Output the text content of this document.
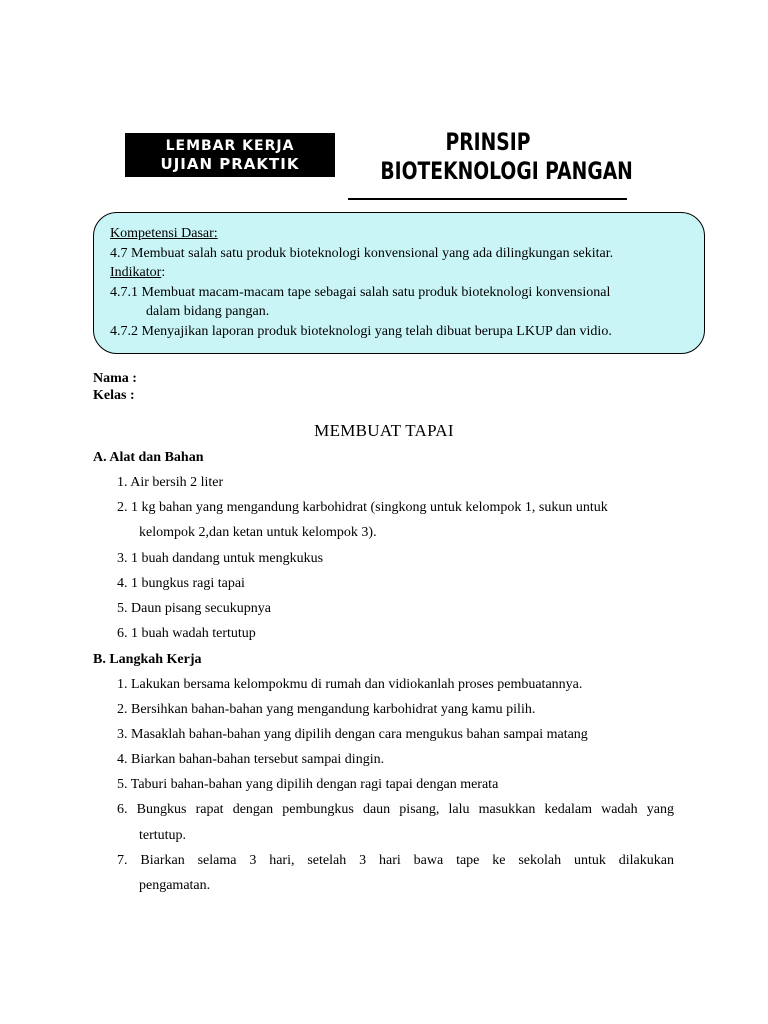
LEMBAR KERJA
UJIAN PRAKTIK
PRINSIP
BIOTEKNOLOGI PANGAN
Kompetensi Dasar:
4.7 Membuat salah satu produk bioteknologi konvensional yang ada dilingkungan sekitar.
Indikator:
4.7.1 Membuat macam-macam tape sebagai salah satu produk bioteknologi konvensional
dalam bidang pangan.
4.7.2 Menyajikan laporan produk bioteknologi yang telah dibuat berupa LKUP dan vidio.
Nama :
Kelas :
MEMBUAT TAPAI
A. Alat dan Bahan
1. Air bersih 2 liter
2. 1 kg bahan yang mengandung karbohidrat (singkong untuk kelompok 1, sukun untuk
kelompok 2,dan ketan untuk kelompok 3).
3. 1 buah dandang untuk mengkukus
4. 1 bungkus ragi tapai
5. Daun pisang secukupnya
6. 1 buah wadah tertutup
B. Langkah Kerja
1. Lakukan bersama kelompokmu di rumah dan vidiokanlah proses pembuatannya.
2. Bersihkan bahan-bahan yang mengandung karbohidrat yang kamu pilih.
3. Masaklah bahan-bahan yang dipilih dengan cara mengukus bahan sampai matang
4. Biarkan bahan-bahan tersebut sampai dingin.
5. Taburi bahan-bahan yang dipilih dengan ragi tapai dengan merata
6. Bungkus rapat dengan pembungkus daun pisang, lalu masukkan kedalam wadah yang
tertutup.
7. Biarkan selama 3 hari, setelah 3 hari bawa tape ke sekolah untuk dilakukan
pengamatan.
